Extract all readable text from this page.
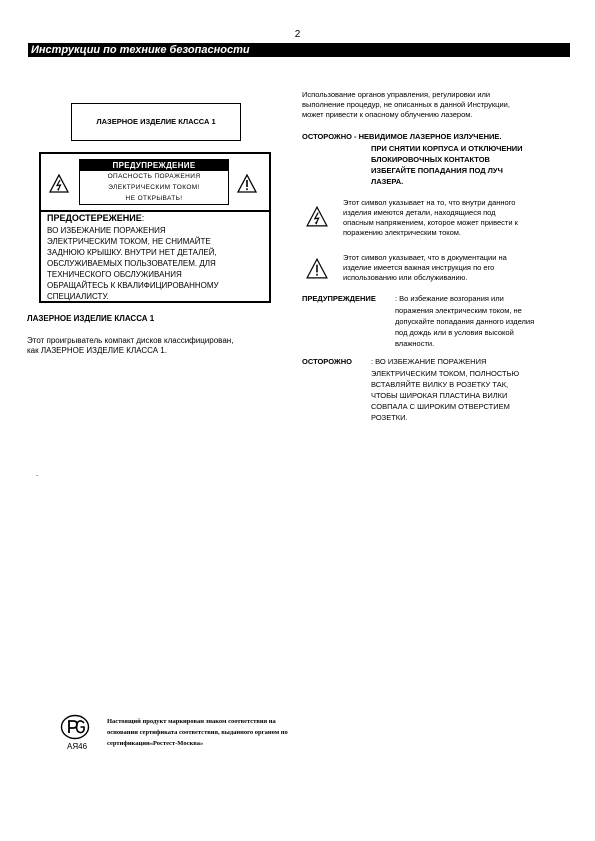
2
Инструкции по технике безопасности
ЛАЗЕРНОЕ ИЗДЕЛИЕ КЛАССА 1
ПРЕДУПРЕЖДЕНИЕ
ОПАСНОСТЬ ПОРАЖЕНИЯ
ЭЛЕКТРИЧЕСКИМ ТОКОМ!
НЕ ОТКРЫВАТЬ!
ПРЕДОСТЕРЕЖЕНИЕ:
ВО ИЗБЕЖАНИЕ ПОРАЖЕНИЯ
ЭЛЕКТРИЧЕСКИМ ТОКОМ, НЕ СНИМАЙТЕ
ЗАДНЮЮ КРЫШКУ. ВНУТРИ НЕТ ДЕТАЛЕЙ,
ОБСЛУЖИВАЕМЫХ ПОЛЬЗОВАТЕЛЕМ. ДЛЯ
ТЕХНИЧЕСКОГО ОБСЛУЖИВАНИЯ
ОБРАЩАЙТЕСЬ К КВАЛИФИЦИРОВАННОМУ
СПЕЦИАЛИСТУ.
ЛАЗЕРНОЕ ИЗДЕЛИЕ КЛАССА 1
Этот проигрыватель компакт дисков классифицирован,
как ЛАЗЕРНОЕ ИЗДЕЛИЕ КЛАССА 1.
.
Использование органов управления, регулировки или
выполнение процедур, не описанных в данной Инструкции,
может привести к опасному облучению лазером.
ОСТОРОЖНО - НЕВИДИМОЕ ЛАЗЕРНОЕ ИЗЛУЧЕНИЕ.
ПРИ СНЯТИИ КОРПУСА И ОТКЛЮЧЕНИИ
БЛОКИРОВОЧНЫХ КОНТАКТОВ
ИЗБЕГАЙТЕ ПОПАДАНИЯ ПОД ЛУЧ
ЛАЗЕРА.
Этот символ указывает на то, что внутри данного
изделия имеются детали, находящиеся под
опасным напряжением, которое может привести к
поражению электрическим током.
Этот символ указывает, что в документации на
изделие имеется важная инструкция по его
использованию или обслуживанию.
ПРЕДУПРЕЖДЕНИЕ	: Во избежание возгорания или
поражения электрическим током, не
допускайте попадания данного изделия
под дождь или в условия высокой
влажности.
ОСТОРОЖНО	: ВО ИЗБЕЖАНИЕ ПОРАЖЕНИЯ
ЭЛЕКТРИЧЕСКИМ ТОКОМ, ПОЛНОСТЬЮ
ВСТАВЛЯЙТЕ ВИЛКУ В РОЗЕТКУ ТАК,
ЧТОБЫ ШИРОКАЯ ПЛАСТИНА ВИЛКИ
СОВПАЛА С ШИРОКИМ ОТВЕРСТИЕМ
РОЗЕТКИ.
АЯ46
Настоящий продукт маркирован знаком соответствия на
основании сертификата соответствия, выданного органом по
сертификации«Ростест-Москва»
